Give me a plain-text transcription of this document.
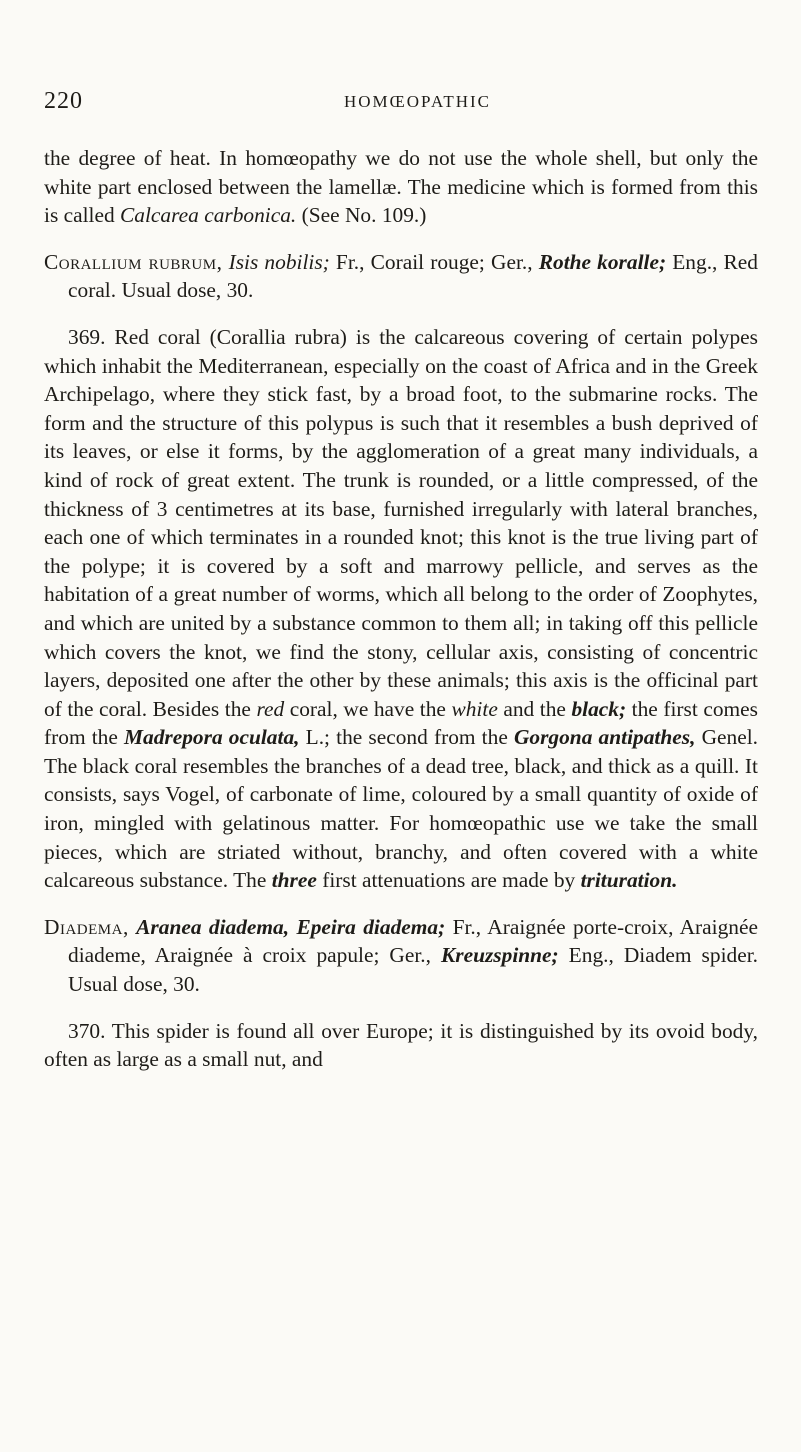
220	HOMŒOPATHIC

the degree of heat. In homœopathy we do not use the whole shell, but only the white part enclosed between the lamellæ. The medicine which is formed from this is called Calcarea carbonica. (See No. 109.)

Corallium rubrum, Isis nobilis; Fr., Corail rouge; Ger., Rothe koralle; Eng., Red coral. Usual dose, 30.

369. Red coral (Corallia rubra) is the calcareous covering of certain polypes which inhabit the Mediterranean, especially on the coast of Africa and in the Greek Archipelago, where they stick fast, by a broad foot, to the submarine rocks. The form and the structure of this polypus is such that it resembles a bush deprived of its leaves, or else it forms, by the agglomeration of a great many individuals, a kind of rock of great extent. The trunk is rounded, or a little compressed, of the thickness of 3 centimetres at its base, furnished irregularly with lateral branches, each one of which terminates in a rounded knot; this knot is the true living part of the polype; it is covered by a soft and marrowy pellicle, and serves as the habitation of a great number of worms, which all belong to the order of Zoophytes, and which are united by a substance common to them all; in taking off this pellicle which covers the knot, we find the stony, cellular axis, consisting of concentric layers, deposited one after the other by these animals; this axis is the officinal part of the coral. Besides the red coral, we have the white and the black; the first comes from the Madrepora oculata, L.; the second from the Gorgona antipathes, Genel. The black coral resembles the branches of a dead tree, black, and thick as a quill. It consists, says Vogel, of carbonate of lime, coloured by a small quantity of oxide of iron, mingled with gelatinous matter. For homœopathic use we take the small pieces, which are striated without, branchy, and often covered with a white calcareous substance. The three first attenuations are made by trituration.

Diadema, Aranea diadema, Epeira diadema; Fr., Araignée porte-croix, Araignée diademe, Araignée à croix papule; Ger., Kreuzspinne; Eng., Diadem spider. Usual dose, 30.

370. This spider is found all over Europe; it is distinguished by its ovoid body, often as large as a small nut, and
